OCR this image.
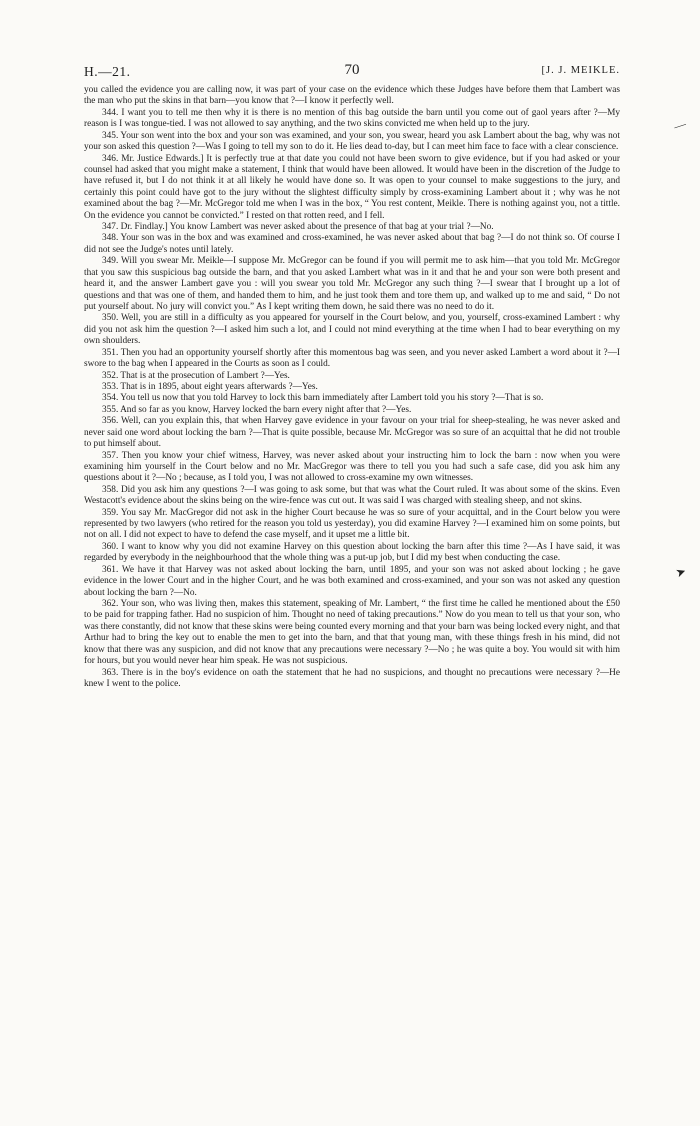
H.—21.	70	[J. J. MEIKLE.

you called the evidence you are calling now, it was part of your case on the evidence which these Judges have before them that Lambert was the man who put the skins in that barn—you know that ?—I know it perfectly well.

344. I want you to tell me then why it is there is no mention of this bag outside the barn until you come out of gaol years after ?—My reason is I was tongue-tied. I was not allowed to say anything, and the two skins convicted me when held up to the jury.

345. Your son went into the box and your son was examined, and your son, you swear, heard you ask Lambert about the bag, why was not your son asked this question ?—Was I going to tell my son to do it. He lies dead to-day, but I can meet him face to face with a clear conscience.

346. Mr. Justice Edwards.] It is perfectly true at that date you could not have been sworn to give evidence, but if you had asked or your counsel had asked that you might make a statement, I think that would have been allowed. It would have been in the discretion of the Judge to have refused it, but I do not think it at all likely he would have done so. It was open to your counsel to make suggestions to the jury, and certainly this point could have got to the jury without the slightest difficulty simply by cross-examining Lambert about it ; why was he not examined about the bag ?—Mr. McGregor told me when I was in the box, “ You rest content, Meikle. There is nothing against you, not a tittle. On the evidence you cannot be convicted.” I rested on that rotten reed, and I fell.

347. Dr. Findlay.] You know Lambert was never asked about the presence of that bag at your trial ?—No.

348. Your son was in the box and was examined and cross-examined, he was never asked about that bag ?—I do not think so. Of course I did not see the Judge's notes until lately.

349. Will you swear Mr. Meikle—I suppose Mr. McGregor can be found if you will permit me to ask him—that you told Mr. McGregor that you saw this suspicious bag outside the barn, and that you asked Lambert what was in it and that he and your son were both present and heard it, and the answer Lambert gave you : will you swear you told Mr. McGregor any such thing ?—I swear that I brought up a lot of questions and that was one of them, and handed them to him, and he just took them and tore them up, and walked up to me and said, “ Do not put yourself about. No jury will convict you.” As I kept writing them down, he said there was no need to do it.

350. Well, you are still in a difficulty as you appeared for yourself in the Court below, and you, yourself, cross-examined Lambert : why did you not ask him the question ?—I asked him such a lot, and I could not mind everything at the time when I had to bear everything on my own shoulders.

351. Then you had an opportunity yourself shortly after this momentous bag was seen, and you never asked Lambert a word about it ?—I swore to the bag when I appeared in the Courts as soon as I could.

352. That is at the prosecution of Lambert ?—Yes.

353. That is in 1895, about eight years afterwards ?—Yes.

354. You tell us now that you told Harvey to lock this barn immediately after Lambert told you his story ?—That is so.

355. And so far as you know, Harvey locked the barn every night after that ?—Yes.

356. Well, can you explain this, that when Harvey gave evidence in your favour on your trial for sheep-stealing, he was never asked and never said one word about locking the barn ?—That is quite possible, because Mr. McGregor was so sure of an acquittal that he did not trouble to put himself about.

357. Then you know your chief witness, Harvey, was never asked about your instructing him to lock the barn : now when you were examining him yourself in the Court below and no Mr. MacGregor was there to tell you you had such a safe case, did you ask him any questions about it ?—No ; because, as I told you, I was not allowed to cross-examine my own witnesses.

358. Did you ask him any questions ?—I was going to ask some, but that was what the Court ruled. It was about some of the skins. Even Westacott's evidence about the skins being on the wire-fence was cut out. It was said I was charged with stealing sheep, and not skins.

359. You say Mr. MacGregor did not ask in the higher Court because he was so sure of your acquittal, and in the Court below you were represented by two lawyers (who retired for the reason you told us yesterday), you did examine Harvey ?—I examined him on some points, but not on all. I did not expect to have to defend the case myself, and it upset me a little bit.

360. I want to know why you did not examine Harvey on this question about locking the barn after this time ?—As I have said, it was regarded by everybody in the neighbourhood that the whole thing was a put-up job, but I did my best when conducting the case.

361. We have it that Harvey was not asked about locking the barn, until 1895, and your son was not asked about locking ; he gave evidence in the lower Court and in the higher Court, and he was both examined and cross-examined, and your son was not asked any question about locking the barn ?—No.

362. Your son, who was living then, makes this statement, speaking of Mr. Lambert, “ the first time he called he mentioned about the £50 to be paid for trapping father. Had no suspicion of him. Thought no need of taking precautions.” Now do you mean to tell us that your son, who was there constantly, did not know that these skins were being counted every morning and that your barn was being locked every night, and that Arthur had to bring the key out to enable the men to get into the barn, and that that young man, with these things fresh in his mind, did not know that there was any suspicion, and did not know that any precautions were necessary ?—No ; he was quite a boy. You would sit with him for hours, but you would never hear him speak. He was not suspicious.

363. There is in the boy's evidence on oath the statement that he had no suspicions, and thought no precautions were necessary ?—He knew I went to the police.

—
➤
